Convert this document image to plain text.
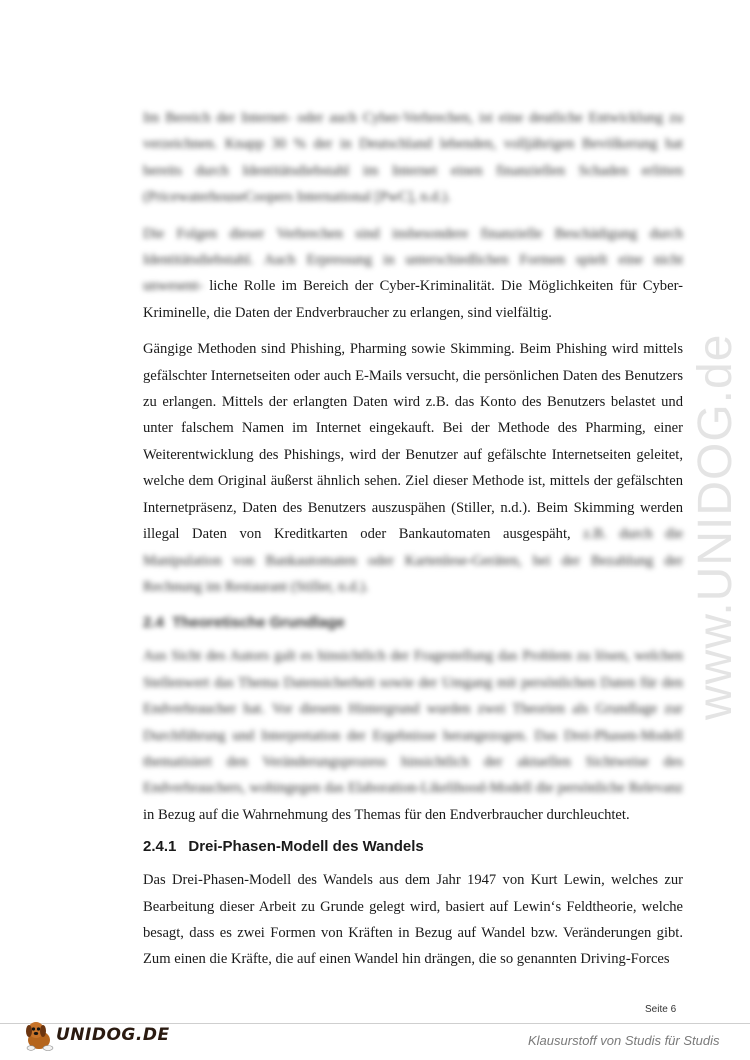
www.UNIDOG.de

Im Bereich der Internet- oder auch Cyber-Verbrechen, ist eine deutliche Entwicklung zu verzeichnen. Knapp 30 % der in Deutschland lebenden, volljährigen Bevölkerung hat bereits durch Identitätsdiebstahl im Internet einen finanziellen Schaden erlitten (PricewaterhouseCoopers International [PwC], n.d.).

Die Folgen dieser Verbrechen sind insbesondere finanzielle Beschädigung durch Identitätsdiebstahl. Auch Erpressung in unterschiedlichen Formen spielt eine nicht unwesent- liche Rolle im Bereich der Cyber-Kriminalität. Die Möglichkeiten für Cyber-Kriminelle, die Daten der Endverbraucher zu erlangen, sind vielfältig.

Gängige Methoden sind Phishing, Pharming sowie Skimming. Beim Phishing wird mittels gefälschter Internetseiten oder auch E-Mails versucht, die persönlichen Daten des Benutzers zu erlangen. Mittels der erlangten Daten wird z.B. das Konto des Benutzers belastet und unter falschem Namen im Internet eingekauft. Bei der Methode des Pharming, einer Weiterentwicklung des Phishings, wird der Benutzer auf gefälschte Internetseiten geleitet, welche dem Original äußerst ähnlich sehen. Ziel dieser Methode ist, mittels der gefälschten Internetpräsenz, Daten des Benutzers auszuspähen (Stiller, n.d.). Beim Skimming werden illegal Daten von Kreditkarten oder Bankautomaten ausgespäht, z.B. durch die Manipulation von Bankautomaten oder Kartenlese-Geräten, bei der Bezahlung der Rechnung im Restaurant (Stiller, n.d.).

2.4 Theoretische Grundlage

Aus Sicht des Autors galt es hinsichtlich der Fragestellung das Problem zu lösen, welchen Stellenwert das Thema Datensicherheit sowie der Umgang mit persönlichen Daten für den Endverbraucher hat. Vor diesem Hintergrund wurden zwei Theorien als Grundlage zur Durchführung und Interpretation der Ergebnisse herangezogen. Das Drei-Phasen-Modell thematisiert den Veränderungsprozess hinsichtlich der aktuellen Sichtweise des Endverbrauchers, wohingegen das Elaboration-Likelihood-Modell die persönliche Relevanz in Bezug auf die Wahrnehmung des Themas für den Endverbraucher durchleuchtet.

2.4.1 Drei-Phasen-Modell des Wandels

Das Drei-Phasen-Modell des Wandels aus dem Jahr 1947 von Kurt Lewin, welches zur Bearbeitung dieser Arbeit zu Grunde gelegt wird, basiert auf Lewin‘s Feldtheorie, welche besagt, dass es zwei Formen von Kräften in Bezug auf Wandel bzw. Veränderungen gibt. Zum einen die Kräfte, die auf einen Wandel hin drängen, die so genannten Driving-Forces

Seite 6
UNIDOG.DE	Klausurstoff von Studis für Studis
